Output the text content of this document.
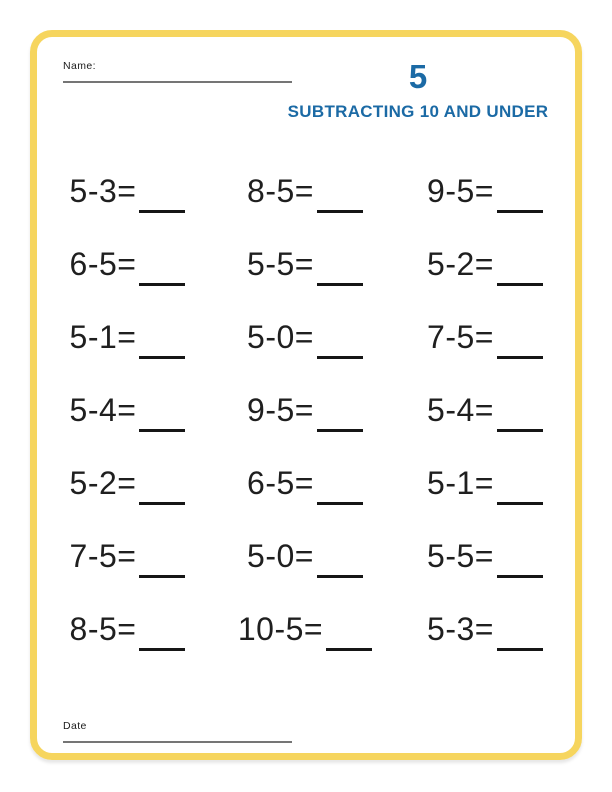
Name:	5
SUBTRACTING 10 AND UNDER
5-3=	8-5=	9-5=
6-5=	5-5=	5-2=
5-1=	5-0=	7-5=
5-4=	9-5=	5-4=
5-2=	6-5=	5-1=
7-5=	5-0=	5-5=
8-5=	10-5=	5-3=
Date
